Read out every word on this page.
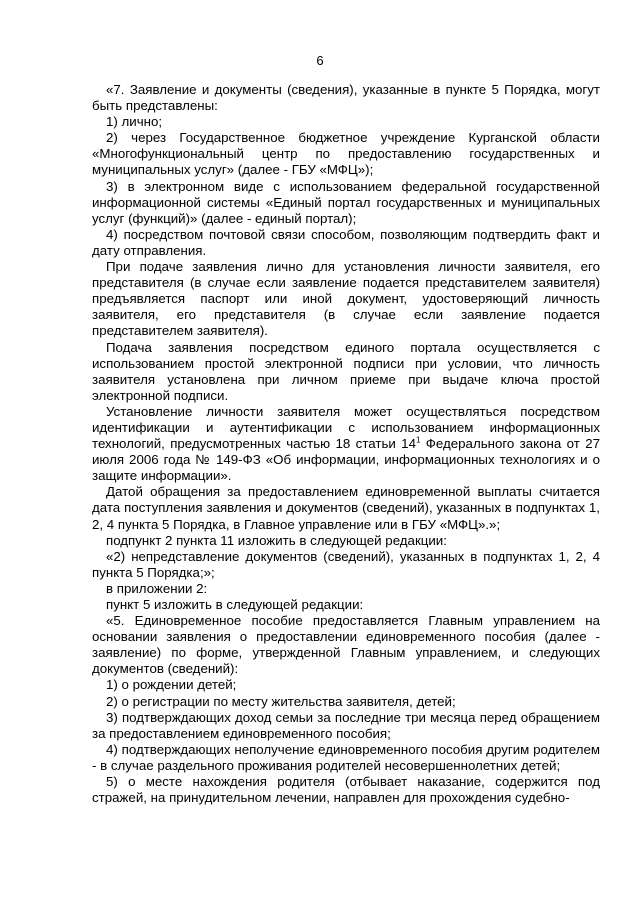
6

«7. Заявление и документы (сведения), указанные в пункте 5 Порядка, могут быть представлены:

1) лично;

2) через Государственное бюджетное учреждение Курганской области «Многофункциональный центр по предоставлению государственных и муниципальных услуг» (далее - ГБУ «МФЦ»);

3) в электронном виде с использованием федеральной государственной информационной системы «Единый портал государственных и муниципальных услуг (функций)» (далее - единый портал);

4) посредством почтовой связи способом, позволяющим подтвердить факт и дату отправления.

При подаче заявления лично для установления личности заявителя, его представителя (в случае если заявление подается представителем заявителя) предъявляется паспорт или иной документ, удостоверяющий личность заявителя, его представителя (в случае если заявление подается представителем заявителя).

Подача заявления посредством единого портала осуществляется с использованием простой электронной подписи при условии, что личность заявителя установлена при личном приеме при выдаче ключа простой электронной подписи.

Установление личности заявителя может осуществляться посредством идентификации и аутентификации с использованием информационных технологий, предусмотренных частью 18 статьи $14^1$ Федерального закона от 27 июля 2006 года № 149-ФЗ «Об информации, информационных технологиях и о защите информации».

Датой обращения за предоставлением единовременной выплаты считается дата поступления заявления и документов (сведений), указанных в подпунктах 1, 2, 4 пункта 5 Порядка, в Главное управление или в ГБУ «МФЦ».»;

подпункт 2 пункта 11 изложить в следующей редакции:

«2) непредставление документов (сведений), указанных в подпунктах 1, 2, 4 пункта 5 Порядка;»;

в приложении 2:

пункт 5 изложить в следующей редакции:

«5. Единовременное пособие предоставляется Главным управлением на основании заявления о предоставлении единовременного пособия (далее - заявление) по форме, утвержденной Главным управлением, и следующих документов (сведений):

1) о рождении детей;

2) о регистрации по месту жительства заявителя, детей;

3) подтверждающих доход семьи за последние три месяца перед обращением за предоставлением единовременного пособия;

4) подтверждающих неполучение единовременного пособия другим родителем - в случае раздельного проживания родителей несовершеннолетних детей;

5) о месте нахождения родителя (отбывает наказание, содержится под стражей, на принудительном лечении, направлен для прохождения судебно-
